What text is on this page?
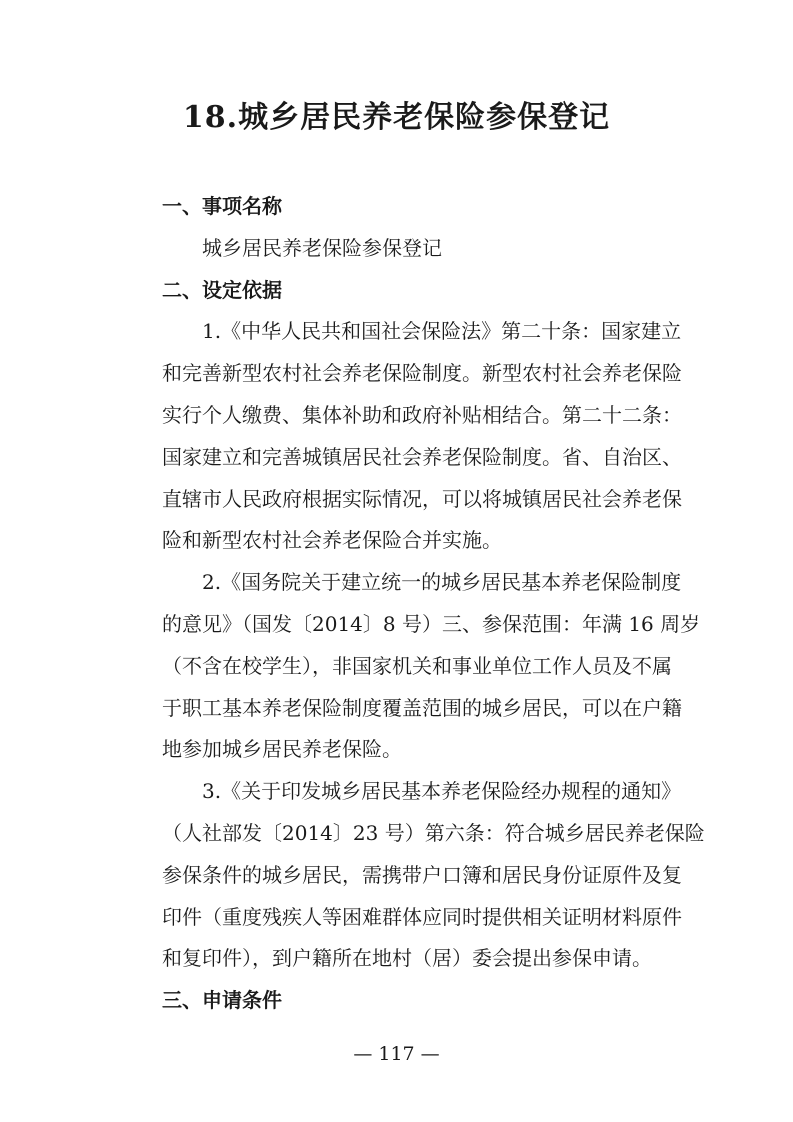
18.城乡居民养老保险参保登记

一、事项名称

城乡居民养老保险参保登记

二、设定依据

1.《中华人民共和国社会保险法》第二十条：国家建立
和完善新型农村社会养老保险制度。新型农村社会养老保险
实行个人缴费、集体补助和政府补贴相结合。第二十二条：
国家建立和完善城镇居民社会养老保险制度。省、自治区、
直辖市人民政府根据实际情况，可以将城镇居民社会养老保
险和新型农村社会养老保险合并实施。

2.《国务院关于建立统一的城乡居民基本养老保险制度
的意见》（国发〔2014〕8 号）三、参保范围：年满 16 周岁
（不含在校学生），非国家机关和事业单位工作人员及不属
于职工基本养老保险制度覆盖范围的城乡居民，可以在户籍
地参加城乡居民养老保险。

3.《关于印发城乡居民基本养老保险经办规程的通知》
（人社部发〔2014〕23 号）第六条：符合城乡居民养老保险
参保条件的城乡居民，需携带户口簿和居民身份证原件及复
印件（重度残疾人等困难群体应同时提供相关证明材料原件
和复印件），到户籍所在地村（居）委会提出参保申请。

三、申请条件

— 117 —
